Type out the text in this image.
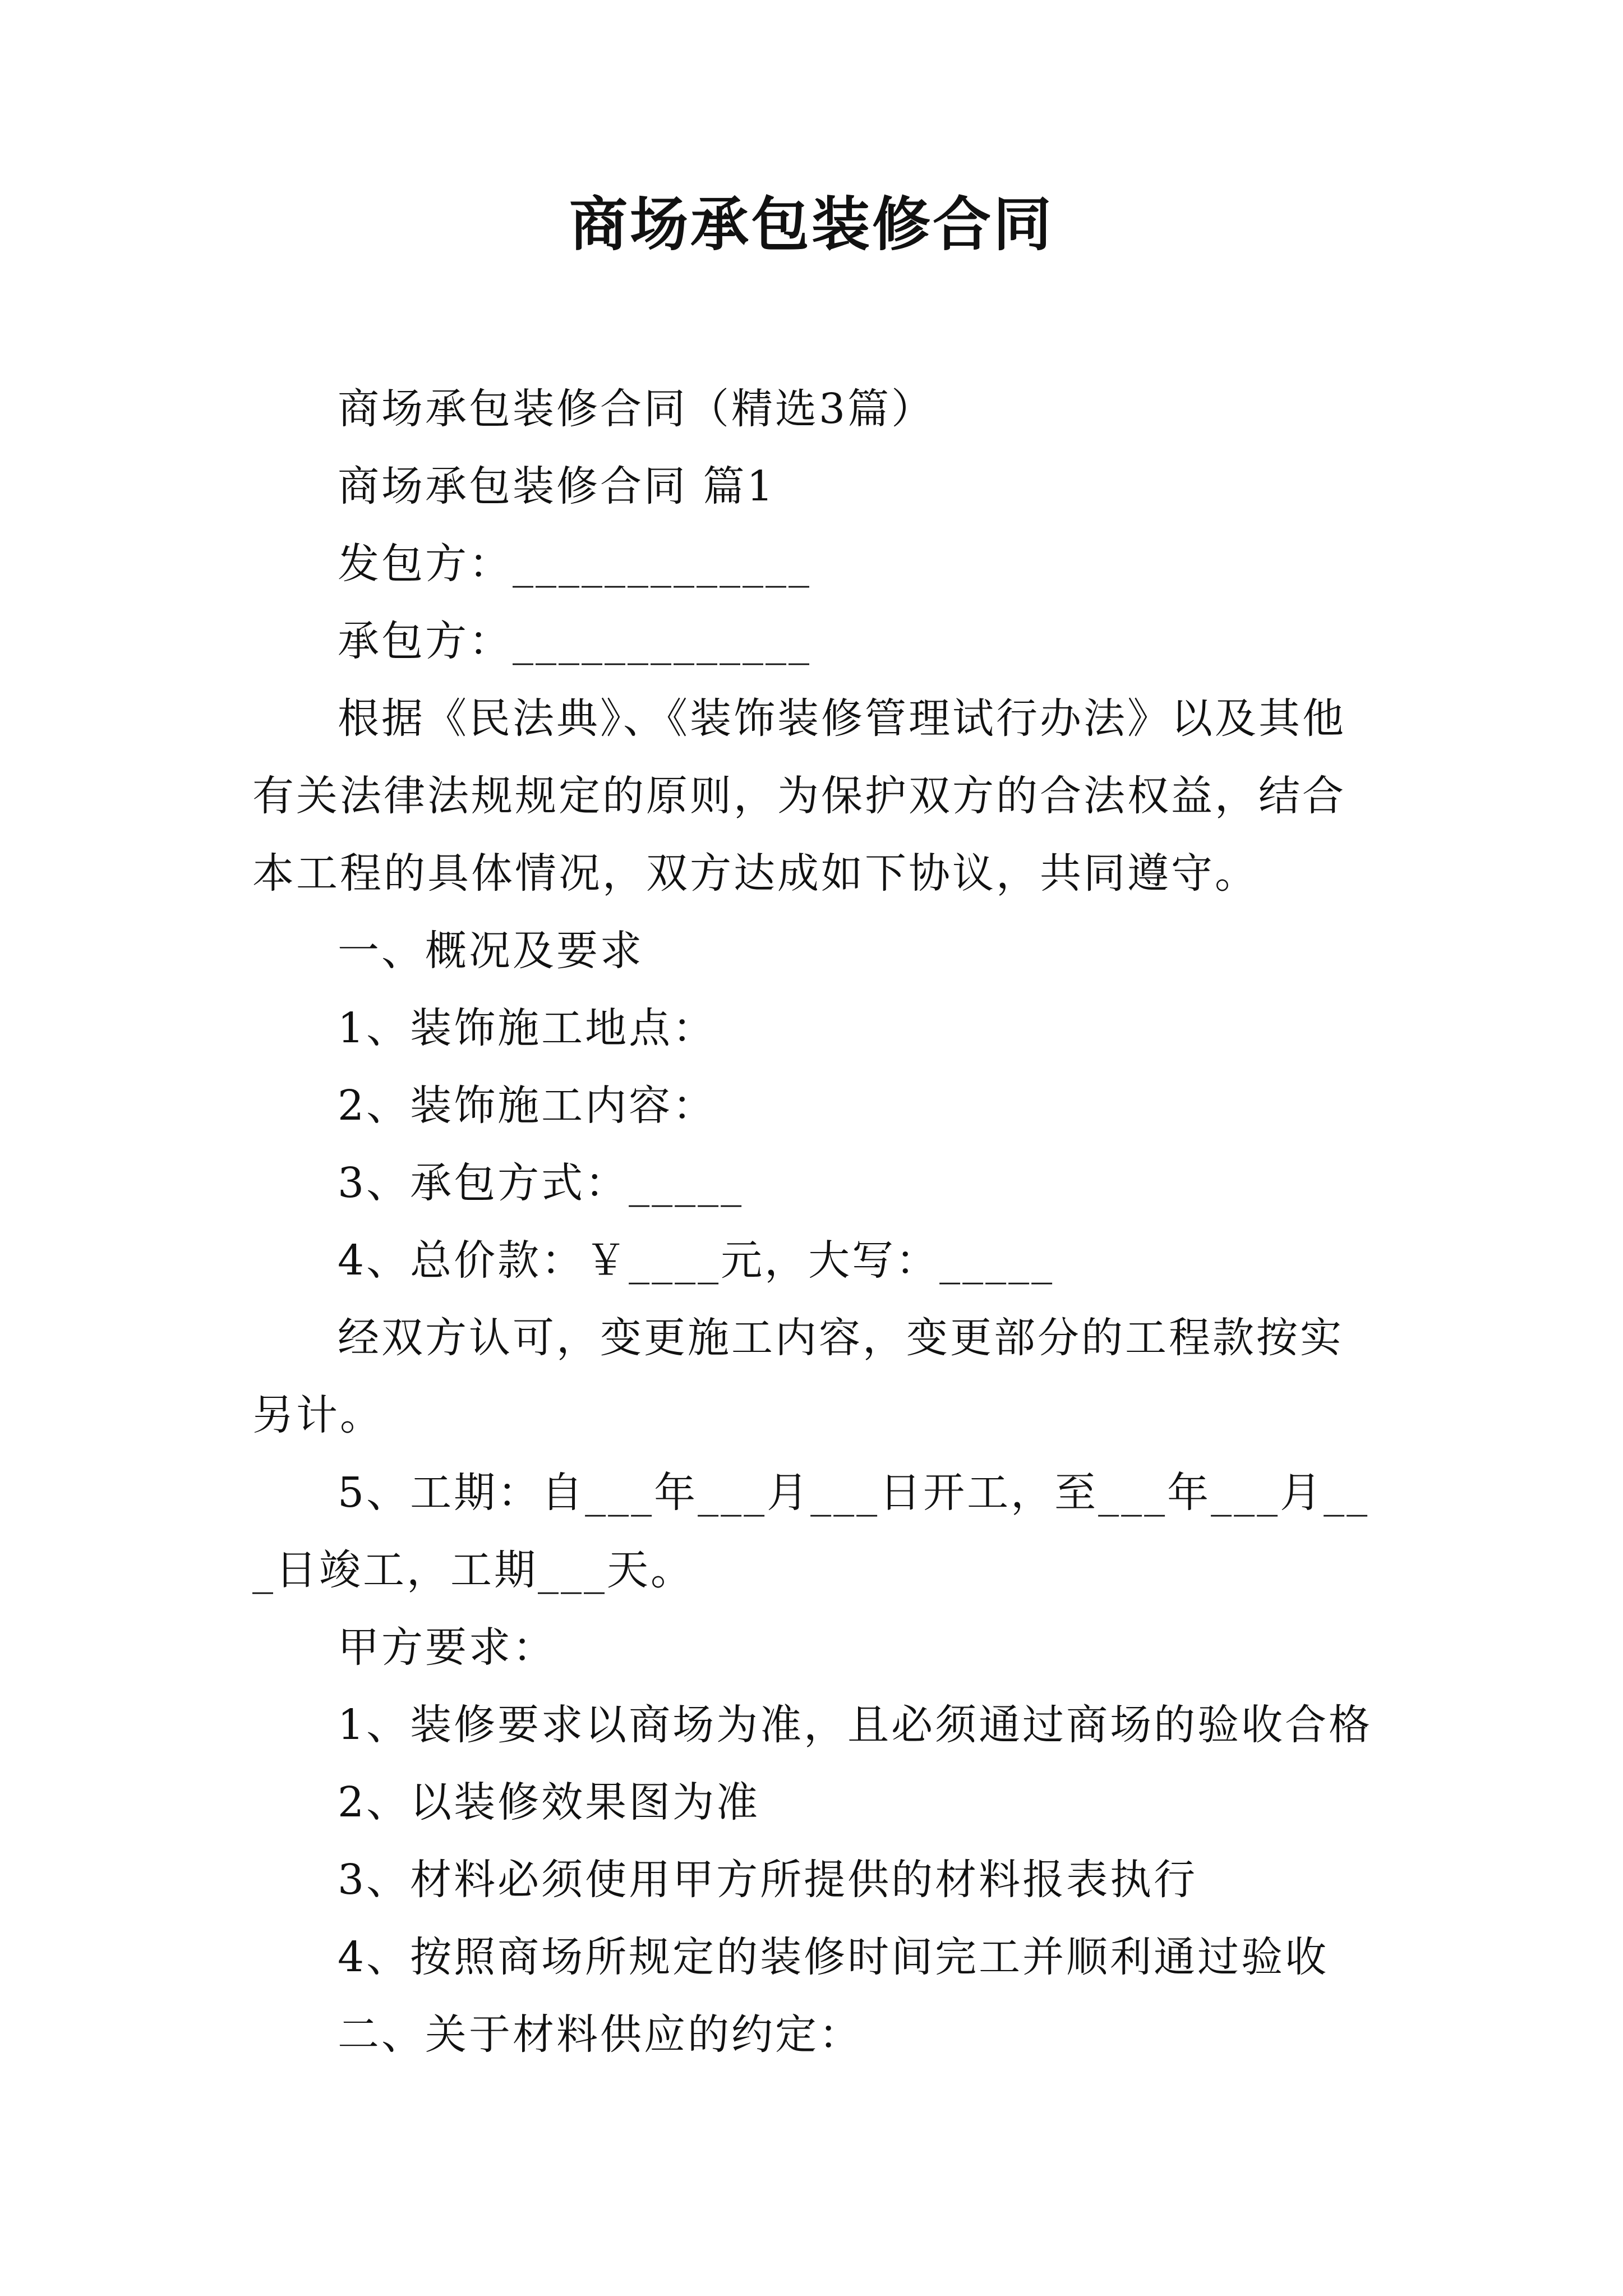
商场承包装修合同

商场承包装修合同（精选3篇）

商场承包装修合同 篇1

发包方：_____________

承包方：_____________

根据《民法典》、《装饰装修管理试行办法》以及其他有关法律法规规定的原则，为保护双方的合法权益，结合本工程的具体情况，双方达成如下协议，共同遵守。

一、概况及要求

1、装饰施工地点：

2、装饰施工内容：

3、承包方式：_____

4、总价款：￥____元，大写：_____

经双方认可，变更施工内容，变更部分的工程款按实另计。

5、工期：自___年___月___日开工，至___年___月___日竣工，工期___天。

甲方要求：

1、装修要求以商场为准，且必须通过商场的验收合格

2、以装修效果图为准

3、材料必须使用甲方所提供的材料报表执行

4、按照商场所规定的装修时间完工并顺利通过验收

二、关于材料供应的约定：
